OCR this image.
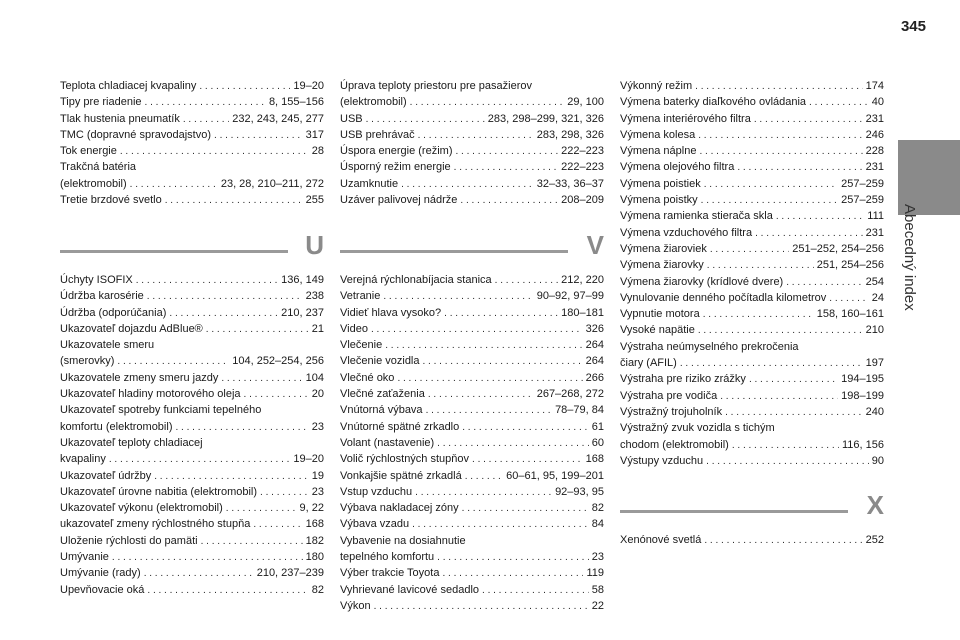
345
Abecedný index
Teplota chladiacej kvapaliny . . .	19–20
Tipy pre riadenie . . .	8, 155–156
Tlak hustenia pneumatík . . .	232, 243, 245, 277
TMC (dopravné spravodajstvo) . . .	317
Tok energie . . .	28
Trakčná batéria
(elektromobil) . . .	23, 28, 210–211, 272
Tretie brzdové svetlo . . .	255
U
Úchyty ISOFIX . . .	136, 149
Údržba karosérie . . .	238
Údržba (odporúčania) . . .	210, 237
Ukazovateľ dojazdu AdBlue® . . .	21
Ukazovatele smeru
(smerovky) . . .	104, 252–254, 256
Ukazovatele zmeny smeru jazdy . . .	104
Ukazovateľ hladiny motorového oleja . . .	20
Ukazovateľ spotreby funkciami tepelného
komfortu (elektromobil) . . .	23
Ukazovateľ teploty chladiacej
kvapaliny . . .	19–20
Ukazovateľ údržby . . .	19
Ukazovateľ úrovne nabitia (elektromobil) . . .	23
Ukazovateľ výkonu (elektromobil) . . .	9, 22
ukazovateľ zmeny rýchlostného stupňa . . .	168
Uloženie rýchlosti do pamäti . . .	182
Umývanie . . .	180
Umývanie (rady) . . .	210, 237–239
Upevňovacie oká . . .	82
Úprava teploty priestoru pre pasažierov
(elektromobil) . . .	29, 100
USB . . .	283, 298–299, 321, 326
USB prehrávač . . .	283, 298, 326
Úspora energie (režim) . . .	222–223
Úsporný režim energie . . .	222–223
Uzamknutie . . .	32–33, 36–37
Uzáver palivovej nádrže . . .	208–209
V
Verejná rýchlonabíjacia stanica . . .	212, 220
Vetranie . . .	90–92, 97–99
Vidieť hlava vysoko? . . .	180–181
Video . . .	326
Vlečenie . . .	264
Vlečenie vozidla . . .	264
Vlečné oko . . .	266
Vlečné zaťaženia . . .	267–268, 272
Vnútorná výbava . . .	78–79, 84
Vnútorné spätné zrkadlo . . .	61
Volant (nastavenie) . . .	60
Volič rýchlostných stupňov . . .	168
Vonkajšie spätné zrkadlá . . .	60–61, 95, 199–201
Vstup vzduchu . . .	92–93, 95
Výbava nakladacej zóny . . .	82
Výbava vzadu . . .	84
Vybavenie na dosiahnutie
tepelného komfortu . . .	23
Výber trakcie Toyota . . .	119
Vyhrievané lavicové sedadlo . . .	58
Výkon . . .	22
Výkonný režim . . .	174
Výmena baterky diaľkového ovládania . . .	40
Výmena interiérového filtra . . .	231
Výmena kolesa . . .	246
Výmena náplne . . .	228
Výmena olejového filtra . . .	231
Výmena poistiek . . .	257–259
Výmena poistky . . .	257–259
Výmena ramienka stierača skla . . .	111
Výmena vzduchového filtra . . .	231
Výmena žiaroviek . . .	251–252, 254–256
Výmena žiarovky . . .	251, 254–256
Výmena žiarovky (krídlové dvere) . . .	254
Vynulovanie denného počítadla kilometrov . . .	24
Vypnutie motora . . .	158, 160–161
Vysoké napätie . . .	210
Výstraha neúmyselného prekročenia
čiary (AFIL) . . .	197
Výstraha pre riziko zrážky . . .	194–195
Výstraha pre vodiča . . .	198–199
Výstražný trojuholník . . .	240
Výstražný zvuk vozidla s tichým
chodom (elektromobil) . . .	116, 156
Výstupy vzduchu . . .	90
X
Xenónové svetlá . . .	252
